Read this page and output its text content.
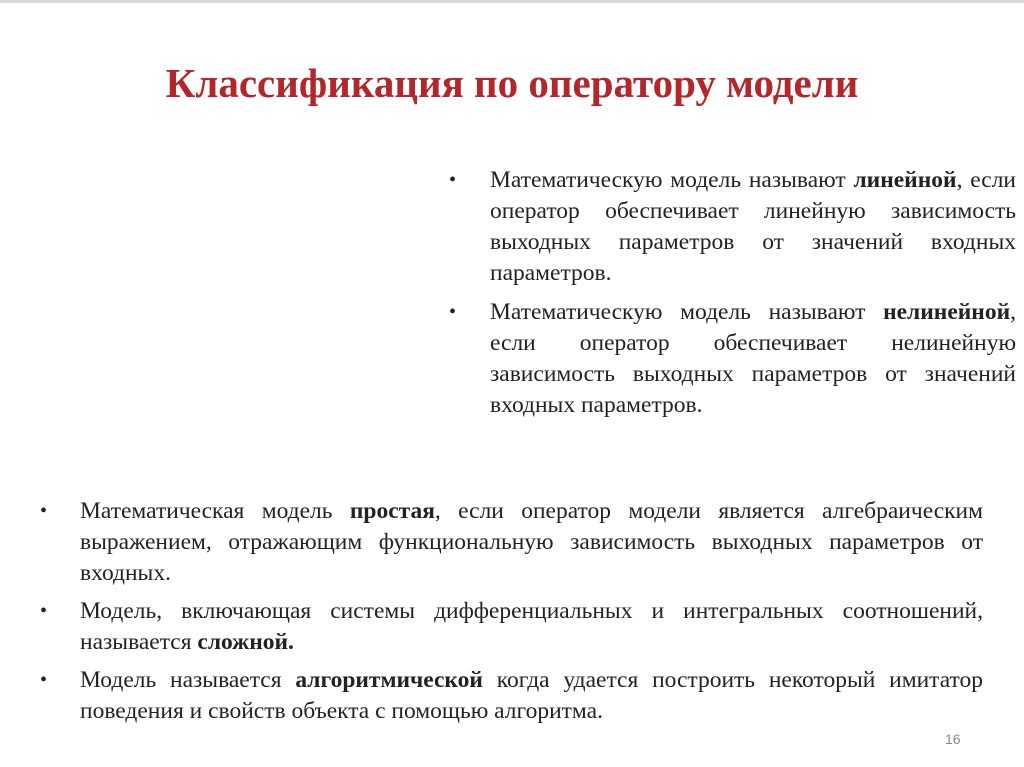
Классификация по оператору модели
• Математическую модель называют линейной, если оператор обеспечивает линейную зависимость выходных параметров от значений входных параметров.
• Математическую модель называют нелинейной, если оператор обеспечивает нелинейную зависимость выходных параметров от значений входных параметров.
• Математическая модель простая, если оператор модели является алгебраическим выражением, отражающим функциональную зависимость выходных параметров от входных.
• Модель, включающая системы дифференциальных и интегральных соотношений, называется сложной.
• Модель называется алгоритмической когда удается построить некоторый имитатор поведения и свойств объекта с помощью алгоритма.
16
